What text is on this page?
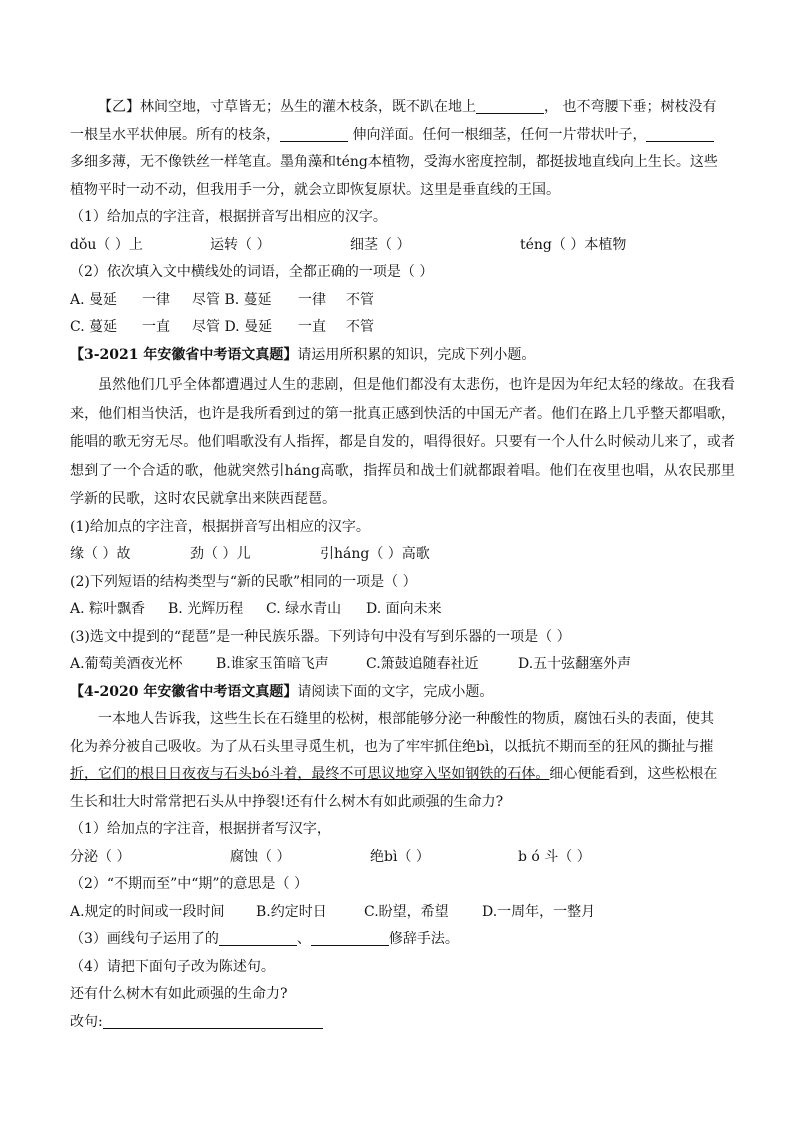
【乙】林间空地，寸草皆无；丛生的灌木枝条，既不趴在地上	， 也不弯腰下垂；树枝没有
一根呈水平状伸展。所有的枝条，	伸向洋面。任何一根细茎，任何一片带状叶子，
多细多薄，无不像铁丝一样笔直。墨角藻和téng本植物，受海水密度控制，都挺拔地直线向上生长。这些
植物平时一动不动，但我用手一分，就会立即恢复原状。这里是垂直线的王国。
（1）给加点的字注音，根据拼音写出相应的汉字。
dǒu（ ）上	运转（ ）	细茎（ ）	téng（ ）本植物
（2）依次填入文中横线处的词语，全都正确的一项是（ ）
A. 曼延 一律 尽管 B. 蔓延 一律 不管
C. 蔓延 一直 尽管 D. 曼延 一直 不管
【3-2021 年安徽省中考语文真题】请运用所积累的知识，完成下列小题。

虽然他们几乎全体都遭遇过人生的悲剧，但是他们都没有太悲伤，也许是因为年纪太轻的缘故。在我看来，他们相当快活，也许是我所看到过的第一批真正感到快活的中国无产者。他们在路上几乎整天都唱歌，能唱的歌无穷无尽。他们唱歌没有人指挥，都是自发的，唱得很好。只要有一个人什么时候动儿来了，或者想到了一个合适的歌，他就突然引háng高歌，指挥员和战士们就都跟着唱。他们在夜里也唱，从农民那里学新的民歌，这时农民就拿出来陕西琵琶。

(1)给加点的字注音，根据拼音写出相应的汉字。
缘（ ）故	劲（ ）儿	引háng（ ）高歌
(2)下列短语的结构类型与“新的民歌”相同的一项是（ ）
A. 粽叶飘香 B. 光辉历程 C. 绿水青山 D. 面向未来
(3)选文中提到的“琵琶”是一种民族乐器。下列诗句中没有写到乐器的一项是（ ）
A.葡萄美酒夜光杯 B.谁家玉笛暗飞声	C.箫鼓追随春社近	D.五十弦翻塞外声
【4-2020 年安徽省中考语文真题】请阅读下面的文字，完成小题。
一本地人告诉我，这些生长在石缝里的松树，根部能够分泌一种酸性的物质，腐蚀石头的表面，使其
化为养分被自己吸收。为了从石头里寻觅生机，也为了牢牢抓住绝bì，以抵抗不期而至的狂风的撕扯与摧
折，它们的根日日夜夜与石头bó斗着，最终不可思议地穿入坚如钢铁的石体。细心便能看到，这些松根在
生长和壮大时常常把石头从中挣裂!还有什么树木有如此顽强的生命力?
（1）给加点的字注音，根据拼者写汉字，
分泌（ ）	腐蚀（ ）	绝bì（ ）	b ó 斗（ ）
（2）“不期而至”中“期”的意思是（ ）
A.规定的时间或一段时间 B.约定时日	C.盼望，希望 D.一周年，一整月
（3）画线句子运用了的	、	修辞手法。
（4）请把下面句子改为陈述句。
还有什么树木有如此顽强的生命力?
改句:
